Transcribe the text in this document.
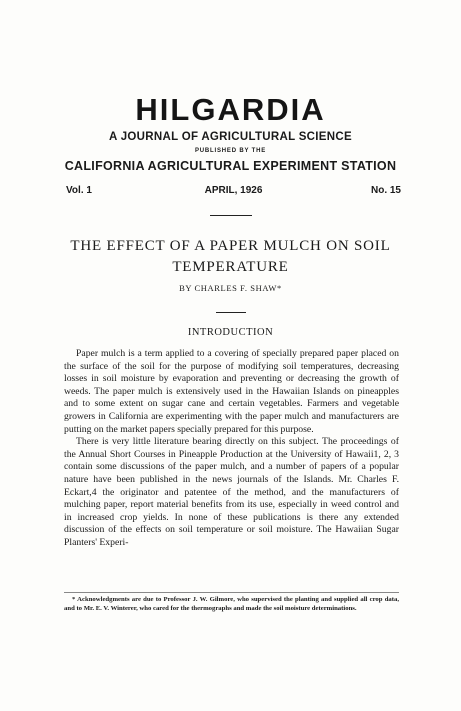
HILGARDIA
A JOURNAL OF AGRICULTURAL SCIENCE
PUBLISHED BY THE
CALIFORNIA AGRICULTURAL EXPERIMENT STATION
Vol. 1	APRIL, 1926	No. 15
THE EFFECT OF A PAPER MULCH ON SOIL TEMPERATURE
BY CHARLES F. SHAW*
INTRODUCTION

Paper mulch is a term applied to a covering of specially prepared paper placed on the surface of the soil for the purpose of modifying soil temperatures, decreasing losses in soil moisture by evaporation and preventing or decreasing the growth of weeds. The paper mulch is extensively used in the Hawaiian Islands on pineapples and to some extent on sugar cane and certain vegetables. Farmers and vegetable growers in California are experimenting with the paper mulch and manufacturers are putting on the market papers specially prepared for this purpose.

There is very little literature bearing directly on this subject. The proceedings of the Annual Short Courses in Pineapple Production at the University of Hawaii1, 2, 3 contain some discussions of the paper mulch, and a number of papers of a popular nature have been published in the news journals of the Islands. Mr. Charles F. Eckart,4 the originator and patentee of the method, and the manufacturers of mulching paper, report material benefits from its use, especially in weed control and in increased crop yields. In none of these publications is there any extended discussion of the effects on soil temperature or soil moisture. The Hawaiian Sugar Planters' Experi-

* Acknowledgments are due to Professor J. W. Gilmore, who supervised the planting and supplied all crop data, and to Mr. E. V. Winterer, who cared for the thermographs and made the soil moisture determinations.
